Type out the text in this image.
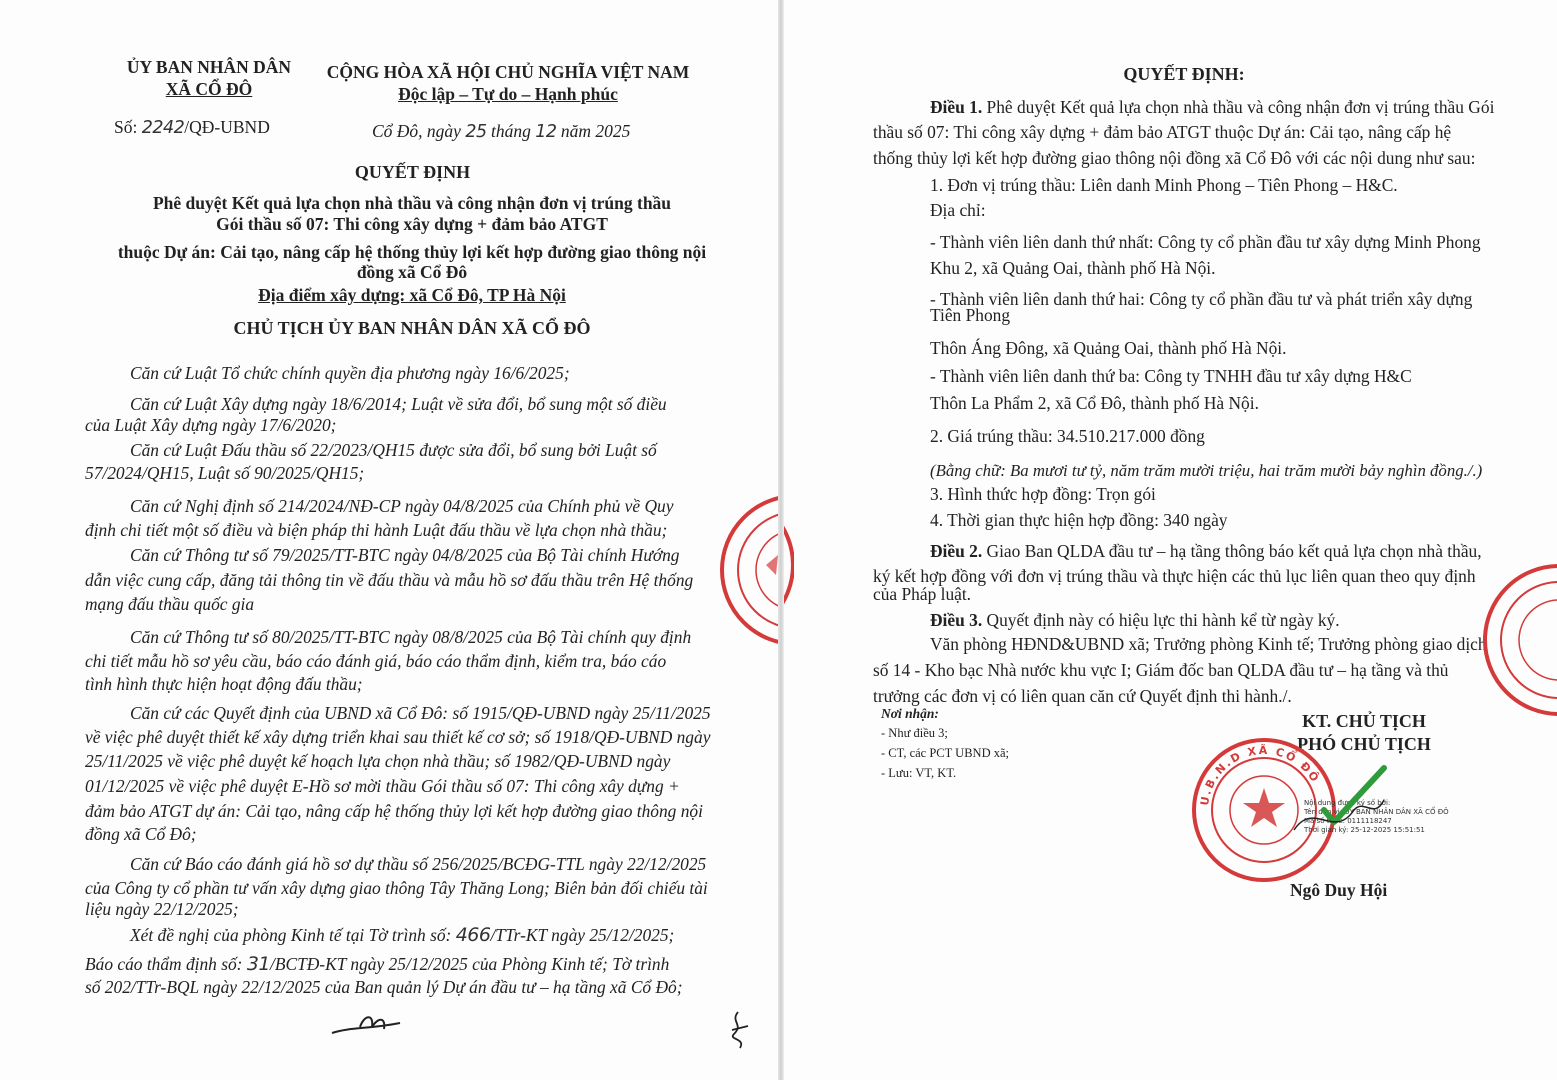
ỦY BAN NHÂN DÂN
XÃ CỔ ĐÔ
CỘNG HÒA XÃ HỘI CHỦ NGHĨA VIỆT NAM
Độc lập – Tự do – Hạnh phúc
Số: 2242/QĐ-UBND	Cổ Đô, ngày 25 tháng 12 năm 2025
QUYẾT ĐỊNH
Phê duyệt Kết quả lựa chọn nhà thầu và công nhận đơn vị trúng thầu
Gói thầu số 07: Thi công xây dựng + đảm bảo ATGT
thuộc Dự án: Cải tạo, nâng cấp hệ thống thủy lợi kết hợp đường giao thông nội
đồng xã Cổ Đô
Địa điểm xây dựng: xã Cổ Đô, TP Hà Nội
CHỦ TỊCH ỦY BAN NHÂN DÂN XÃ CỔ ĐÔ
Căn cứ Luật Tổ chức chính quyền địa phương ngày 16/6/2025;
Căn cứ Luật Xây dựng ngày 18/6/2014; Luật về sửa đổi, bổ sung một số điều
của Luật Xây dựng ngày 17/6/2020;
Căn cứ Luật Đấu thầu số 22/2023/QH15 được sửa đổi, bổ sung bởi Luật số
57/2024/QH15, Luật số 90/2025/QH15;
Căn cứ Nghị định số 214/2024/NĐ-CP ngày 04/8/2025 của Chính phủ về Quy
định chi tiết một số điều và biện pháp thi hành Luật đấu thầu về lựa chọn nhà thầu;
Căn cứ Thông tư số 79/2025/TT-BTC ngày 04/8/2025 của Bộ Tài chính Hướng
dẫn việc cung cấp, đăng tải thông tin về đấu thầu và mẫu hồ sơ đấu thầu trên Hệ thống
mạng đấu thầu quốc gia
Căn cứ Thông tư số 80/2025/TT-BTC ngày 08/8/2025 của Bộ Tài chính quy định
chi tiết mẫu hồ sơ yêu cầu, báo cáo đánh giá, báo cáo thẩm định, kiểm tra, báo cáo
tình hình thực hiện hoạt động đấu thầu;
Căn cứ các Quyết định của UBND xã Cổ Đô: số 1915/QĐ-UBND ngày 25/11/2025
về việc phê duyệt thiết kế xây dựng triển khai sau thiết kế cơ sở; số 1918/QĐ-UBND ngày
25/11/2025 về việc phê duyệt kế hoạch lựa chọn nhà thầu; số 1982/QĐ-UBND ngày
01/12/2025 về việc phê duyệt E-Hồ sơ mời thầu Gói thầu số 07: Thi công xây dựng +
đảm bảo ATGT dự án: Cải tạo, nâng cấp hệ thống thủy lợi kết hợp đường giao thông nội
đồng xã Cổ Đô;
Căn cứ Báo cáo đánh giá hồ sơ dự thầu số 256/2025/BCĐG-TTL ngày 22/12/2025
của Công ty cổ phần tư vấn xây dựng giao thông Tây Thăng Long; Biên bản đối chiếu tài
liệu ngày 22/12/2025;
Xét đề nghị của phòng Kinh tế tại Tờ trình số: 466/TTr-KT ngày 25/12/2025;
Báo cáo thẩm định số: 31/BCTĐ-KT ngày 25/12/2025 của Phòng Kinh tế; Tờ trình
số 202/TTr-BQL ngày 22/12/2025 của Ban quản lý Dự án đầu tư – hạ tầng xã Cổ Đô;
QUYẾT ĐỊNH:
Điều 1. Phê duyệt Kết quả lựa chọn nhà thầu và công nhận đơn vị trúng thầu Gói
thầu số 07: Thi công xây dựng + đảm bảo ATGT thuộc Dự án: Cải tạo, nâng cấp hệ
thống thủy lợi kết hợp đường giao thông nội đồng xã Cổ Đô với các nội dung như sau:
1. Đơn vị trúng thầu: Liên danh Minh Phong – Tiên Phong – H&C.
Địa chỉ:
- Thành viên liên danh thứ nhất: Công ty cổ phần đầu tư xây dựng Minh Phong
Khu 2, xã Quảng Oai, thành phố Hà Nội.
- Thành viên liên danh thứ hai: Công ty cổ phần đầu tư và phát triển xây dựng
Tiên Phong
Thôn Áng Đông, xã Quảng Oai, thành phố Hà Nội.
- Thành viên liên danh thứ ba: Công ty TNHH đầu tư xây dựng H&C
Thôn La Phẩm 2, xã Cổ Đô, thành phố Hà Nội.
2. Giá trúng thầu: 34.510.217.000 đồng
(Bằng chữ: Ba mươi tư tỷ, năm trăm mười triệu, hai trăm mười bảy nghìn đồng./.)
3. Hình thức hợp đồng: Trọn gói
4. Thời gian thực hiện hợp đồng: 340 ngày
Điều 2. Giao Ban QLDA đầu tư – hạ tầng thông báo kết quả lựa chọn nhà thầu,
ký kết hợp đồng với đơn vị trúng thầu và thực hiện các thủ lục liên quan theo quy định
của Pháp luật.
Điều 3. Quyết định này có hiệu lực thi hành kể từ ngày ký.
Văn phòng HĐND&UBND xã; Trưởng phòng Kinh tế; Trưởng phòng giao dịch
số 14 - Kho bạc Nhà nước khu vực I; Giám đốc ban QLDA đầu tư – hạ tầng và thủ
trưởng các đơn vị có liên quan căn cứ Quyết định thi hành./.
Nơi nhận:
- Như điều 3;
- CT, các PCT UBND xã;
- Lưu: VT, KT.
KT. CHỦ TỊCH
PHÓ CHỦ TỊCH
U.B.N.D XÃ CỔ ĐÔ
Nội dung được ký số bởi:
Tên đơn vị: ỦY BAN NHÂN DÂN XÃ CỔ ĐÔ
Mã số thuế: 0111118247
Thời gian ký: 25-12-2025 15:51:51
Ngô Duy Hội
